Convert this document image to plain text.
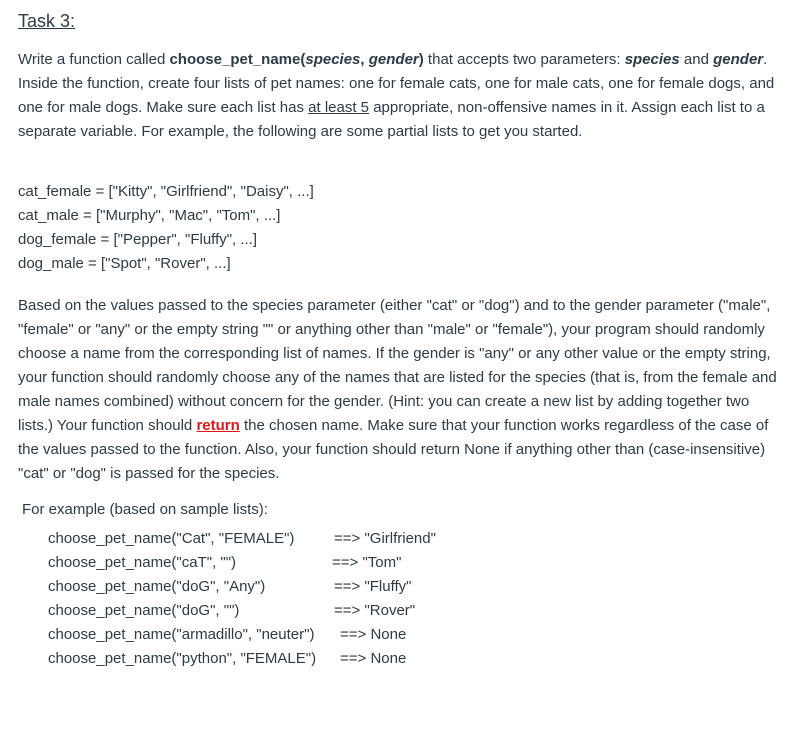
Task 3:

Write a function called choose_pet_name(species, gender) that accepts two parameters: species and gender. Inside the function, create four lists of pet names: one for female cats, one for male cats, one for female dogs, and one for male dogs. Make sure each list has at least 5 appropriate, non-offensive names in it. Assign each list to a separate variable. For example, the following are some partial lists to get you started.

cat_female = ["Kitty", "Girlfriend", "Daisy", ...]
cat_male = ["Murphy", "Mac", "Tom", ...]
dog_female = ["Pepper", "Fluffy", ...]
dog_male = ["Spot", "Rover", ...]

Based on the values passed to the species parameter (either "cat" or "dog") and to the gender parameter ("male", "female" or "any" or the empty string "" or anything other than "male" or "female"), your program should randomly choose a name from the corresponding list of names. If the gender is "any" or any other value or the empty string, your function should randomly choose any of the names that are listed for the species (that is, from the female and male names combined) without concern for the gender. (Hint: you can create a new list by adding together two lists.) Your function should return the chosen name. Make sure that your function works regardless of the case of the values passed to the function. Also, your function should return None if anything other than (case-insensitive) "cat" or "dog" is passed for the species.

For example (based on sample lists):

choose_pet_name("Cat", "FEMALE")

	==> "Girlfriend"

choose_pet_name("caT", "")

	==> "Tom"

choose_pet_name("doG", "Any")

	==> "Fluffy"

choose_pet_name("doG", "")

	==> "Rover"

choose_pet_name("armadillo", "neuter")

==> None

choose_pet_name("python", "FEMALE")

==> None
